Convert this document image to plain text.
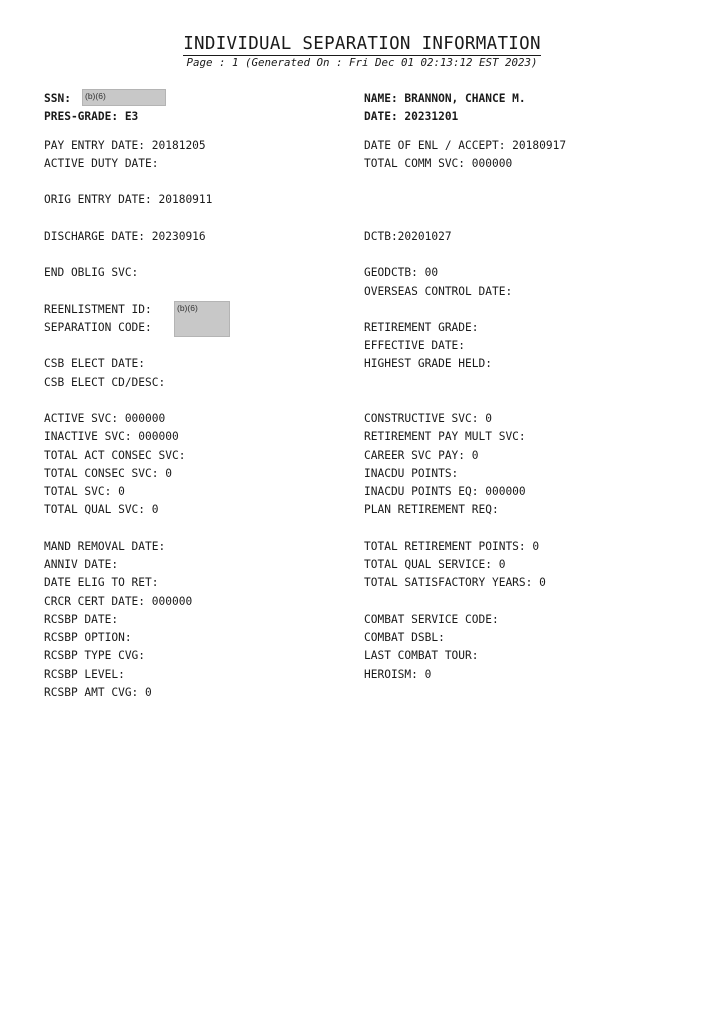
INDIVIDUAL SEPARATION INFORMATION
Page : 1 (Generated On : Fri Dec 01 02:13:12 EST 2023)
SSN:	(b)(6)
PRES-GRADE: E3
PAY ENTRY DATE: 20181205
ACTIVE DUTY DATE:
ORIG ENTRY DATE: 20180911
DISCHARGE DATE: 20230916
END OBLIG SVC:
REENLISTMENT ID:	(b)(6)
SEPARATION CODE:
CSB ELECT DATE:
CSB ELECT CD/DESC:
ACTIVE SVC: 000000
INACTIVE SVC: 000000
TOTAL ACT CONSEC SVC:
TOTAL CONSEC SVC: 0
TOTAL SVC: 0
TOTAL QUAL SVC: 0
MAND REMOVAL DATE:
ANNIV DATE:
DATE ELIG TO RET:
CRCR CERT DATE: 000000
RCSBP DATE:
RCSBP OPTION:
RCSBP TYPE CVG:
RCSBP LEVEL:
RCSBP AMT CVG: 0
NAME: BRANNON, CHANCE M.
DATE: 20231201
DATE OF ENL / ACCEPT: 20180917
TOTAL COMM SVC: 000000
DCTB:20201027
GEODCTB: 00
OVERSEAS CONTROL DATE:
RETIREMENT GRADE:
EFFECTIVE DATE:
HIGHEST GRADE HELD:
CONSTRUCTIVE SVC: 0
RETIREMENT PAY MULT SVC:
CAREER SVC PAY: 0
INACDU POINTS:
INACDU POINTS EQ: 000000
PLAN RETIREMENT REQ:
TOTAL RETIREMENT POINTS: 0
TOTAL QUAL SERVICE: 0
TOTAL SATISFACTORY YEARS: 0
COMBAT SERVICE CODE:
COMBAT DSBL:
LAST COMBAT TOUR:
HEROISM: 0
